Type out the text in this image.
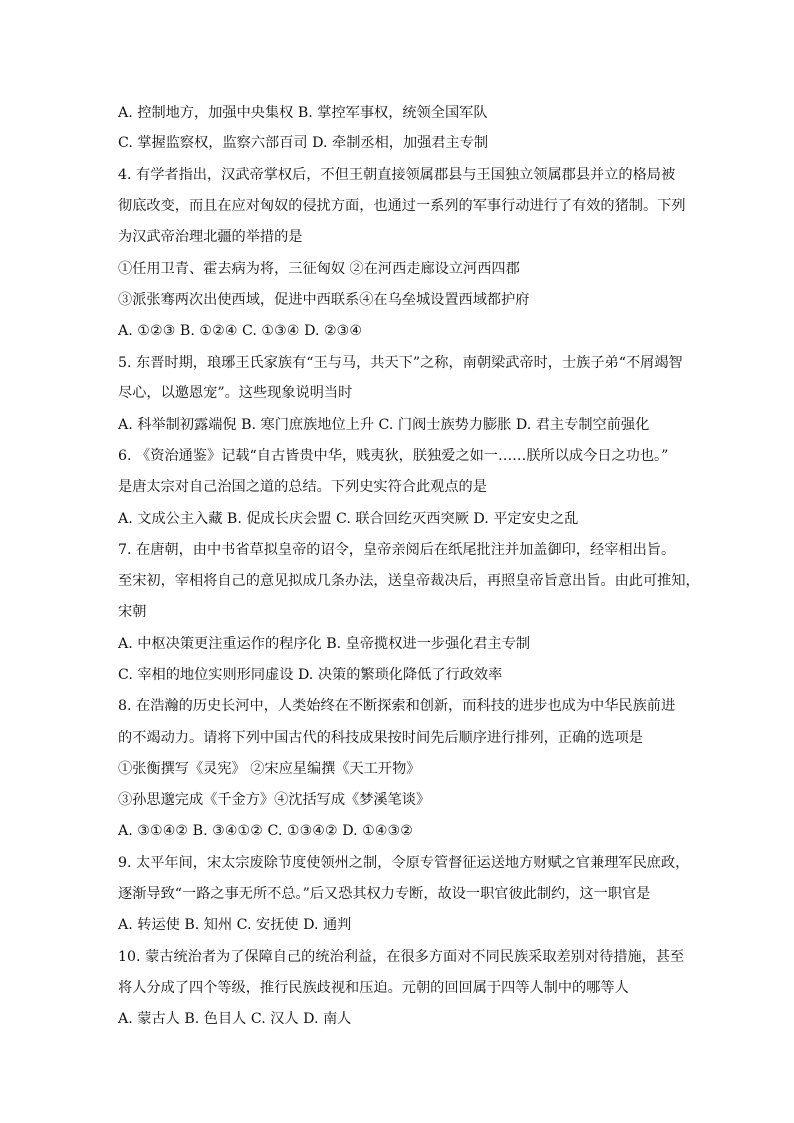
A. 控制地方，加强中央集权 B. 掌控军事权，统领全国军队
C. 掌握监察权，监察六部百司 D. 牵制丞相，加强君主专制
4. 有学者指出，汉武帝掌权后，不但王朝直接领属郡县与王国独立领属郡县并立的格局被
彻底改变，而且在应对匈奴的侵扰方面，也通过一系列的军事行动进行了有效的猪制。下列
为汉武帝治理北疆的举措的是
①任用卫青、霍去病为将，三征匈奴 ②在河西走廊设立河西四郡
③派张骞两次出使西域，促进中西联系④在乌垒城设置西域都护府
A. ①②③ B. ①②④ C. ①③④ D. ②③④
5. 东晋时期，琅琊王氏家族有“王与马，共天下”之称，南朝梁武帝时，士族子弟“不屑竭智
尽心，以邀恩宠”。这些现象说明当时
A. 科举制初露端倪 B. 寒门庶族地位上升 C. 门阀士族势力膨胀 D. 君主专制空前强化
6. 《资治通鉴》记载“自古皆贵中华，贱夷狄，朕独爱之如一……朕所以成今日之功也。”
是唐太宗对自己治国之道的总结。下列史实符合此观点的是
A. 文成公主入藏 B. 促成长庆会盟 C. 联合回纥灭西突厥 D. 平定安史之乱
7. 在唐朝，由中书省草拟皇帝的诏令，皇帝亲阅后在纸尾批注并加盖御印，经宰相出旨。
至宋初，宰相将自己的意见拟成几条办法，送皇帝裁决后，再照皇帝旨意出旨。由此可推知，
宋朝
A. 中枢决策更注重运作的程序化 B. 皇帝揽权进一步强化君主专制
C. 宰相的地位实则形同虚设 D. 决策的繁琐化降低了行政效率
8. 在浩瀚的历史长河中，人类始终在不断探索和创新，而科技的进步也成为中华民族前进
的不竭动力。请将下列中国古代的科技成果按时间先后顺序进行排列，正确的选项是
①张衡撰写《灵宪》 ②宋应星编撰《天工开物》
③孙思邈完成《千金方》④沈括写成《梦溪笔谈》
A. ③①④② B. ③④①② C. ①③④② D. ①④③②
9. 太平年间，宋太宗废除节度使领州之制，令原专管督征运送地方财赋之官兼理军民庶政，
逐渐导致“一路之事无所不总。”后又恐其权力专断，故设一职官彼此制约，这一职官是
A. 转运使 B. 知州 C. 安抚使 D. 通判
10. 蒙古统治者为了保障自己的统治利益，在很多方面对不同民族采取差别对待措施，甚至
将人分成了四个等级，推行民族歧视和压迫。元朝的回回属于四等人制中的哪等人
A. 蒙古人 B. 色目人 C. 汉人 D. 南人
